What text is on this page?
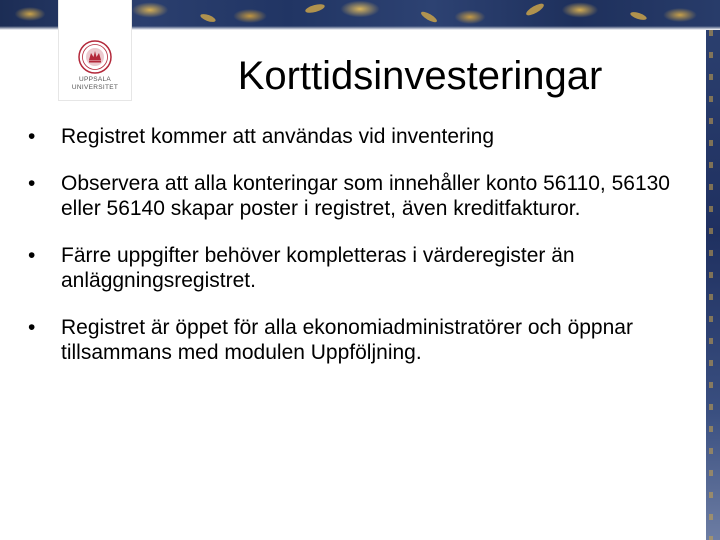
UPPSALA
UNIVERSITET	Korttidsinvesteringar
• Registret kommer att användas vid inventering
• Observera att alla konteringar som innehåller konto 56110, 56130 eller 56140 skapar poster i registret, även kreditfakturor.
• Färre uppgifter behöver kompletteras i värderegister än anläggningsregistret.
• Registret är öppet för alla ekonomiadministratörer och öppnar tillsammans med modulen Uppföljning.
